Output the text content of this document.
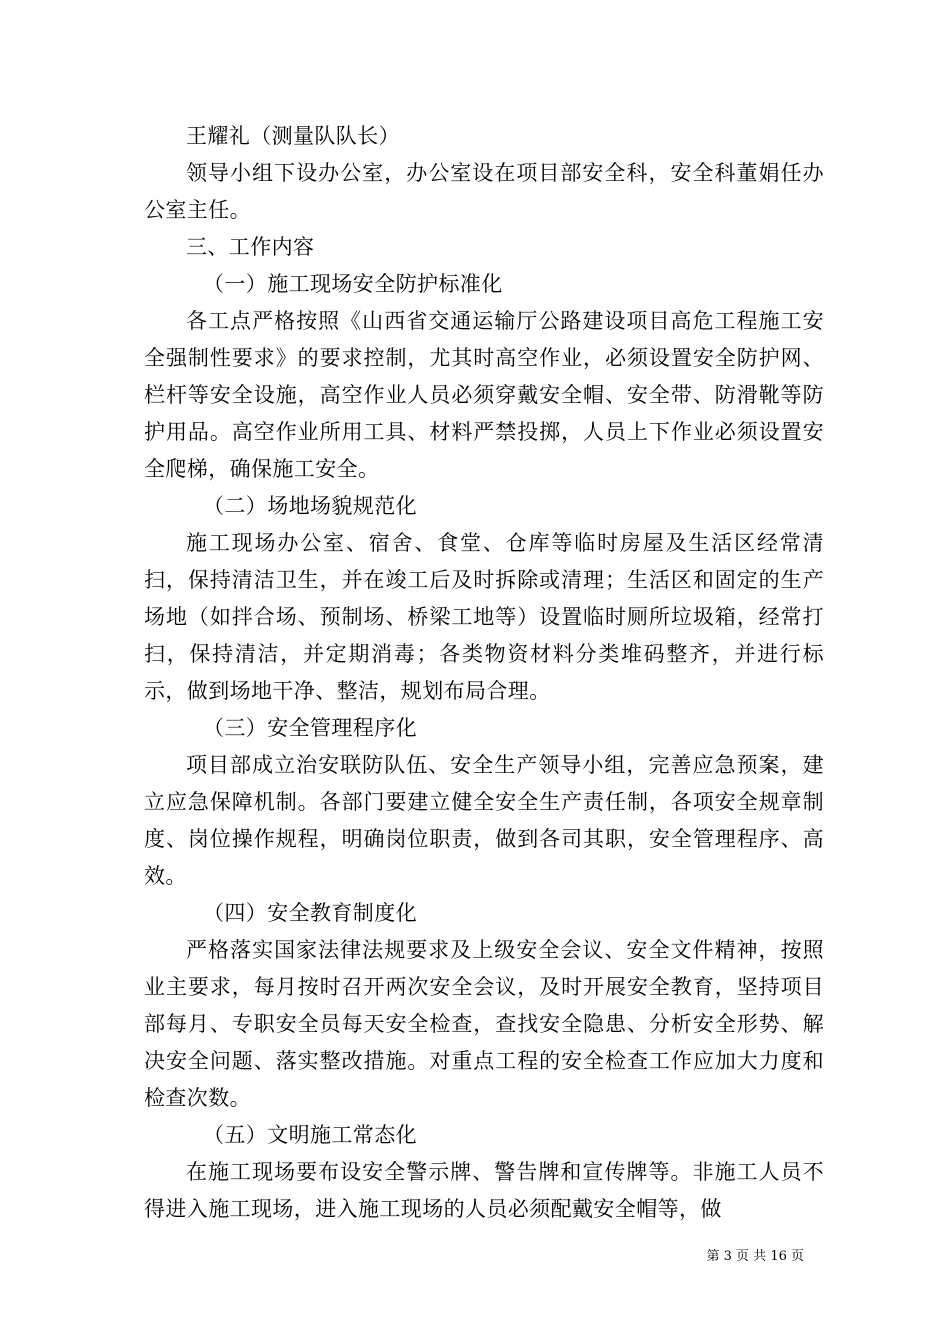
王耀礼（测量队队长）

领导小组下设办公室，办公室设在项目部安全科，安全科董娟任办公室主任。

三、工作内容

（一）施工现场安全防护标准化

各工点严格按照《山西省交通运输厅公路建设项目高危工程施工安全强制性要求》的要求控制，尤其时高空作业，必须设置安全防护网、栏杆等安全设施，高空作业人员必须穿戴安全帽、安全带、防滑靴等防护用品。高空作业所用工具、材料严禁投掷，人员上下作业必须设置安全爬梯，确保施工安全。

（二）场地场貌规范化

施工现场办公室、宿舍、食堂、仓库等临时房屋及生活区经常清扫，保持清洁卫生，并在竣工后及时拆除或清理；生活区和固定的生产场地（如拌合场、预制场、桥梁工地等）设置临时厕所垃圾箱，经常打扫，保持清洁，并定期消毒；各类物资材料分类堆码整齐，并进行标示，做到场地干净、整洁，规划布局合理。

（三）安全管理程序化

项目部成立治安联防队伍、安全生产领导小组，完善应急预案，建立应急保障机制。各部门要建立健全安全生产责任制，各项安全规章制度、岗位操作规程，明确岗位职责，做到各司其职，安全管理程序、高效。

（四）安全教育制度化

严格落实国家法律法规要求及上级安全会议、安全文件精神，按照业主要求，每月按时召开两次安全会议，及时开展安全教育，坚持项目部每月、专职安全员每天安全检查，查找安全隐患、分析安全形势、解决安全问题、落实整改措施。对重点工程的安全检查工作应加大力度和检查次数。

（五）文明施工常态化

在施工现场要布设安全警示牌、警告牌和宣传牌等。非施工人员不得进入施工现场，进入施工现场的人员必须配戴安全帽等，做

第 3 页 共 16 页
